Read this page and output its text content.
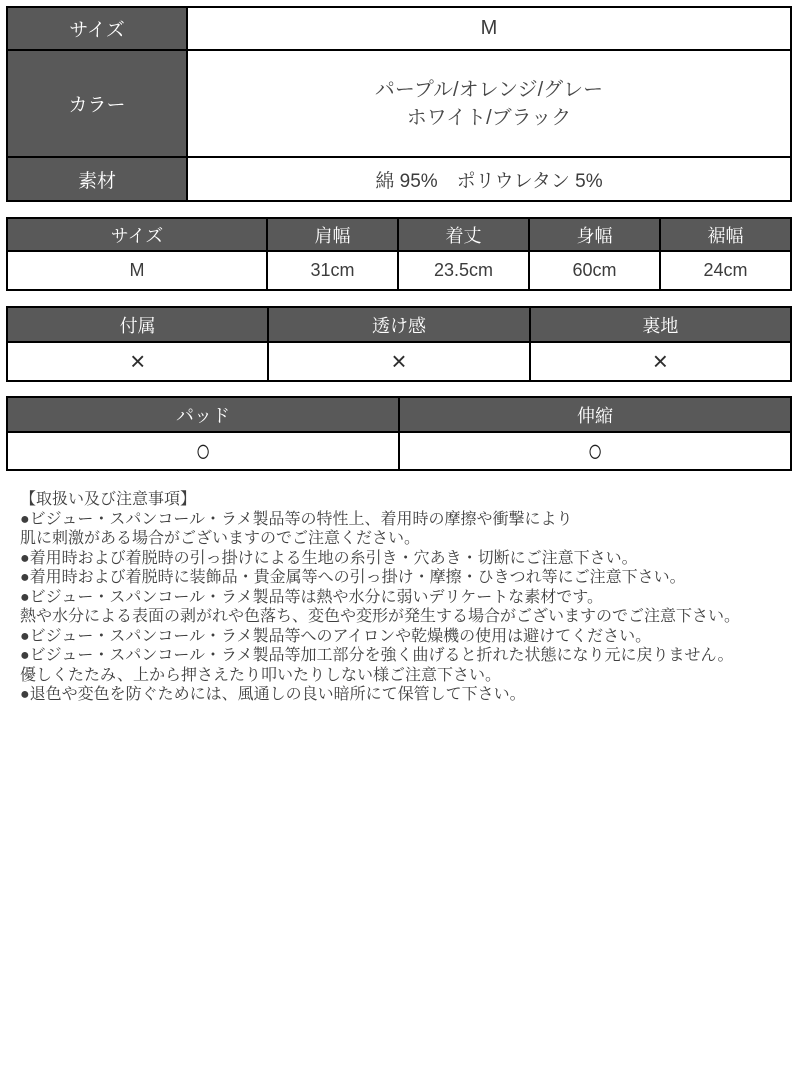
サイズ	M
カラー	パープル/オレンジ/グレー
ホワイト/ブラック

素材	綿 95%　ポリウレタン 5%
サイズ	肩幅	着丈	身幅	裾幅
M	31cm	23.5cm	60cm	24cm
付属	透け感	裏地
×	×	×
パッド	伸縮
○	○
【取扱い及び注意事項】
●ビジュー・スパンコール・ラメ製品等の特性上、着用時の摩擦や衝撃により
肌に刺激がある場合がございますのでご注意ください。
●着用時および着脱時の引っ掛けによる生地の糸引き・穴あき・切断にご注意下さい。
●着用時および着脱時に装飾品・貴金属等への引っ掛け・摩擦・ひきつれ等にご注意下さい。
●ビジュー・スパンコール・ラメ製品等は熱や水分に弱いデリケートな素材です。
熱や水分による表面の剥がれや色落ち、変色や変形が発生する場合がございますのでご注意下さい。
●ビジュー・スパンコール・ラメ製品等へのアイロンや乾燥機の使用は避けてください。
●ビジュー・スパンコール・ラメ製品等加工部分を強く曲げると折れた状態になり元に戻りません。
優しくたたみ、上から押さえたり叩いたりしない様ご注意下さい。
●退色や変色を防ぐためには、風通しの良い暗所にて保管して下さい。
